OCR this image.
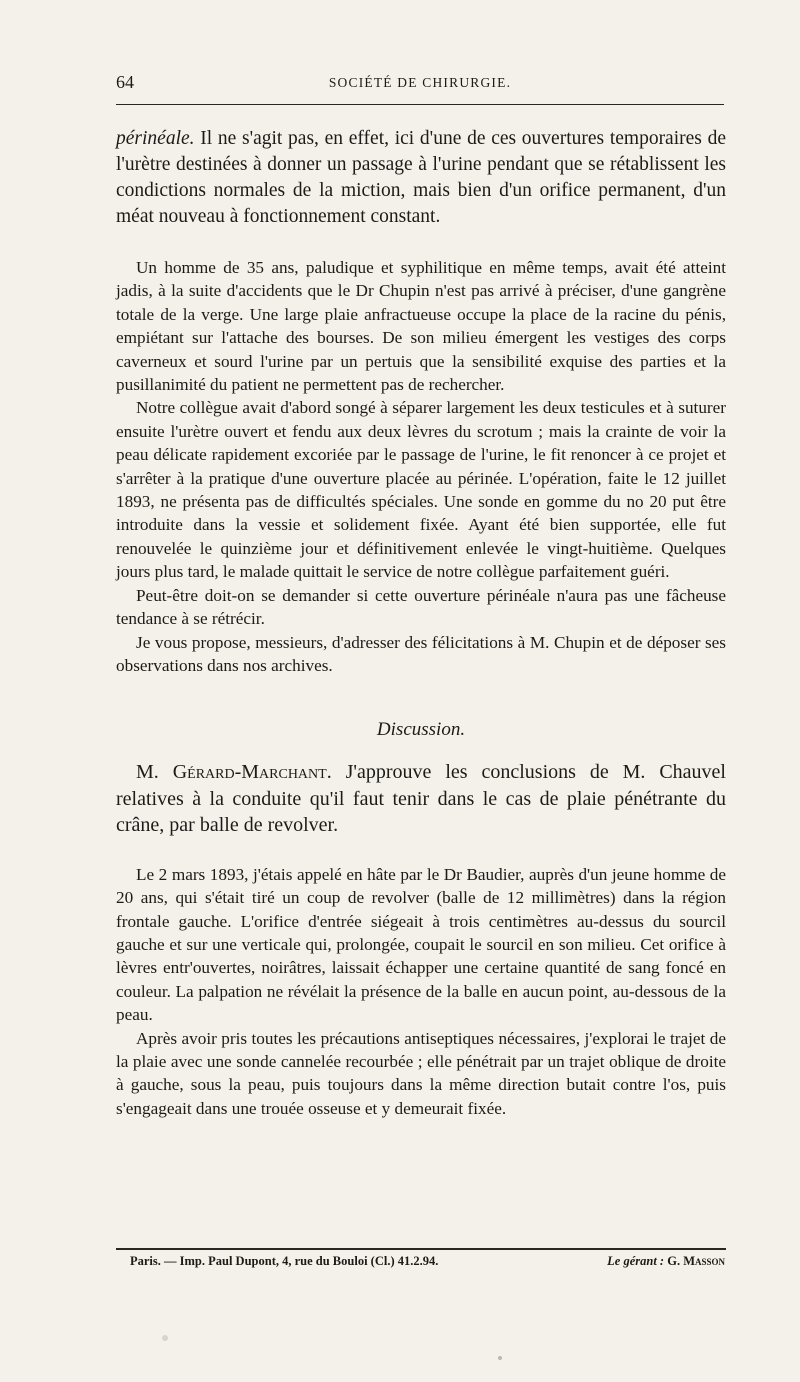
64	SOCIÉTÉ DE CHIRURGIE.

périnéale. Il ne s'agit pas, en effet, ici d'une de ces ouvertures temporaires de l'urètre destinées à donner un passage à l'urine pendant que se rétablissent les condictions normales de la miction, mais bien d'un orifice permanent, d'un méat nouveau à fonctionnement constant.

Un homme de 35 ans, paludique et syphilitique en même temps, avait été atteint jadis, à la suite d'accidents que le Dr Chupin n'est pas arrivé à préciser, d'une gangrène totale de la verge. Une large plaie anfractueuse occupe la place de la racine du pénis, empiétant sur l'attache des bourses. De son milieu émergent les vestiges des corps caverneux et sourd l'urine par un pertuis que la sensibilité exquise des parties et la pusillanimité du patient ne permettent pas de rechercher.

Notre collègue avait d'abord songé à séparer largement les deux testicules et à suturer ensuite l'urètre ouvert et fendu aux deux lèvres du scrotum ; mais la crainte de voir la peau délicate rapidement excoriée par le passage de l'urine, le fit renoncer à ce projet et s'arrêter à la pratique d'une ouverture placée au périnée. L'opération, faite le 12 juillet 1893, ne présenta pas de difficultés spéciales. Une sonde en gomme du no 20 put être introduite dans la vessie et solidement fixée. Ayant été bien supportée, elle fut renouvelée le quinzième jour et définitivement enlevée le vingt-huitième. Quelques jours plus tard, le malade quittait le service de notre collègue parfaitement guéri.

Peut-être doit-on se demander si cette ouverture périnéale n'aura pas une fâcheuse tendance à se rétrécir.

Je vous propose, messieurs, d'adresser des félicitations à M. Chupin et de déposer ses observations dans nos archives.

Discussion.

M. Gérard-Marchant. J'approuve les conclusions de M. Chauvel relatives à la conduite qu'il faut tenir dans le cas de plaie pénétrante du crâne, par balle de revolver.

Le 2 mars 1893, j'étais appelé en hâte par le Dr Baudier, auprès d'un jeune homme de 20 ans, qui s'était tiré un coup de revolver (balle de 12 millimètres) dans la région frontale gauche. L'orifice d'entrée siégeait à trois centimètres au-dessus du sourcil gauche et sur une verticale qui, prolongée, coupait le sourcil en son milieu. Cet orifice à lèvres entr'ouvertes, noirâtres, laissait échapper une certaine quantité de sang foncé en couleur. La palpation ne révélait la présence de la balle en aucun point, au-dessous de la peau.

Après avoir pris toutes les précautions antiseptiques nécessaires, j'explorai le trajet de la plaie avec une sonde cannelée recourbée ; elle pénétrait par un trajet oblique de droite à gauche, sous la peau, puis toujours dans la même direction butait contre l'os, puis s'engageait dans une trouée osseuse et y demeurait fixée.

Paris. — Imp. Paul Dupont, 4, rue du Bouloi (Cl.) 41.2.94.	Le gérant : G. Masson
